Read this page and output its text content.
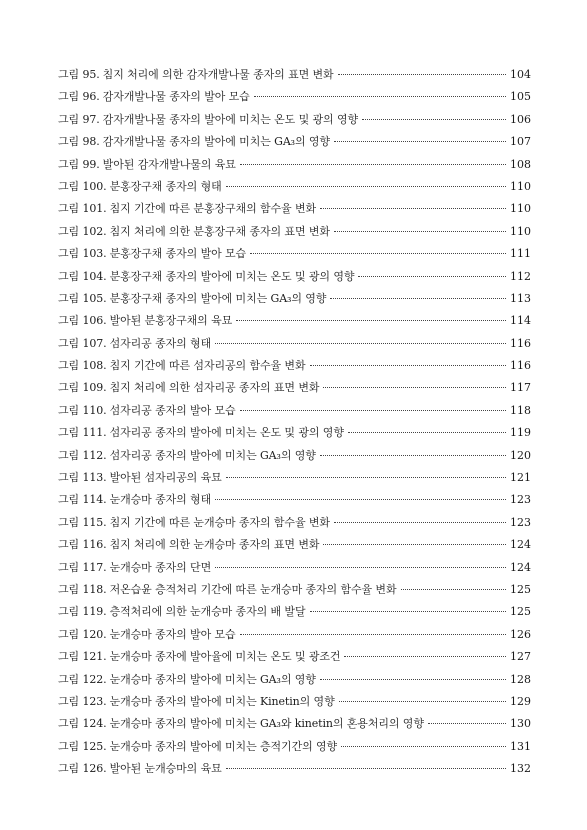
그림 95. 침지 처리에 의한 감자개발나물 종자의 표면 변화	104
그림 96. 감자개발나물 종자의 발아 모습	105
그림 97. 감자개발나물 종자의 발아에 미치는 온도 및 광의 영향	106
그림 98. 감자개발나물 종자의 발아에 미치는 GA₃의 영향	107
그림 99. 발아된 감자개발나물의 육묘	108
그림 100. 분홍장구채 종자의 형태	110
그림 101. 침지 기간에 따른 분홍장구채의 함수율 변화	110
그림 102. 침지 처리에 의한 분홍장구채 종자의 표면 변화	110
그림 103. 분홍장구채 종자의 발아 모습	111
그림 104. 분홍장구채 종자의 발아에 미치는 온도 및 광의 영향	112
그림 105. 분홍장구채 종자의 발아에 미치는 GA₃의 영향	113
그림 106. 발아된 분홍장구채의 육묘	114
그림 107. 섬자리공 종자의 형태	116
그림 108. 침지 기간에 따른 섬자리공의 함수율 변화	116
그림 109. 침지 처리에 의한 섬자리공 종자의 표면 변화	117
그림 110. 섬자리공 종자의 발아 모습	118
그림 111. 섬자리공 종자의 발아에 미치는 온도 및 광의 영향	119
그림 112. 섬자리공 종자의 발아에 미치는 GA₃의 영향	120
그림 113. 발아된 섬자리공의 육묘	121
그림 114. 눈개승마 종자의 형태	123
그림 115. 침지 기간에 따른 눈개승마 종자의 함수율 변화	123
그림 116. 침지 처리에 의한 눈개승마 종자의 표면 변화	124
그림 117. 눈개승마 종자의 단면	124
그림 118. 저온습윤 층적처리 기간에 따른 눈개승마 종자의 함수율 변화	125
그림 119. 층적처리에 의한 눈개승마 종자의 배 발달	125
그림 120. 눈개승마 종자의 발아 모습	126
그림 121. 눈개승마 종자에 발아율에 미치는 온도 및 광조건	127
그림 122. 눈개승마 종자의 발아에 미치는 GA₃의 영향	128
그림 123. 눈개승마 종자의 발아에 미치는 Kinetin의 영향	129
그림 124. 눈개승마 종자의 발아에 미치는 GA₃와 kinetin의 혼용처리의 영향	130
그림 125. 눈개승마 종자의 발아에 미치는 층적기간의 영향	131
그림 126. 발아된 눈개승마의 육묘	132
